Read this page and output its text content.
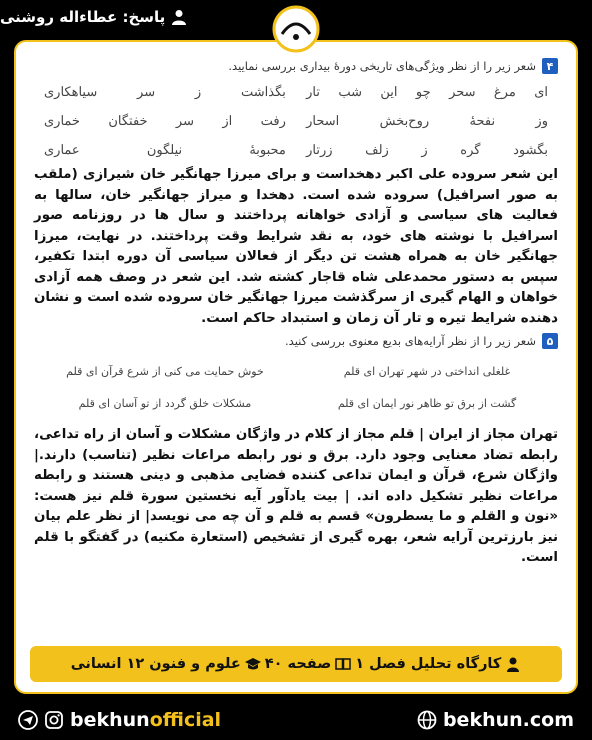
پاسخ: عطاءاله روشنی
۴
شعر زیر را از نظر ویژگی‌های تاریخی دورهٔ بیداری بررسی نمایید.
ای مرغ سحر چو این شب تار
بگذاشت ز سر سیاهکاری
وز نفحهٔ روح‌بخش اسحار
رفت از سر خفتگان خماری
بگشود گره ز زلف زرتار
محبوبهٔ نیلگون عماری

این شعر سروده علی اکبر دهخداست و برای میرزا جهانگیر خان شیرازی (ملقب به صور اسرافیل) سروده شده است. دهخدا و میراز جهانگیر خان، سالها به فعالیت های سیاسی و آزادی خواهانه پرداختند و سال ها در روزنامه صور اسرافیل با نوشته های خود، به نقد شرایط وقت پرداختند. در نهایت، میرزا جهانگیر خان به همراه هشت تن دیگر از فعالان سیاسی آن دوره ابتدا تکفیر، سپس به دستور محمدعلی شاه قاجار کشته شد. این شعر در وصف همه آزادی خواهان و الهام گیری از سرگذشت میرزا جهانگیر خان سروده شده است و نشان دهنده شرایط تیره و تار آن زمان و استبداد حاکم است.

۵
شعر زیر را از نظر آرایه‌های بدیع معنوی بررسی کنید.
غلغلی انداختی در شهر تهران ای قلم
خوش حمایت می کنی از شرع قرآن ای قلم
گشت از برق تو ظاهر نور ایمان ای قلم
مشکلات خلق گردد از تو آسان ای قلم

تهران مجاز از ایران | قلم مجاز از کلام در واژگان مشکلات و آسان از راه تداعی، رابطه تضاد معنایی وجود دارد. برق و نور رابطه مراعات نظیر (تناسب) دارند.| واژگان شرع، قرآن و ایمان تداعی کننده فضایی مذهبی و دینی هستند و رابطه مراعات نظیر تشکیل داده اند. | بیت یادآور آیه نخستین سورة قلم نیز هست: «نون و القلم و ما یسطرون» قسم به قلم و آن چه می نویسد| از نظر علم بیان نیز بارزترین آرایه شعر، بهره گیری از تشخیص (استعارة مکنیه) در گفتگو با قلم است.

کارگاه تحلیل فصل ۱
صفحه ۴۰
علوم و فنون ۱۲ انسانی
bekhunofficial	bekhun.com
